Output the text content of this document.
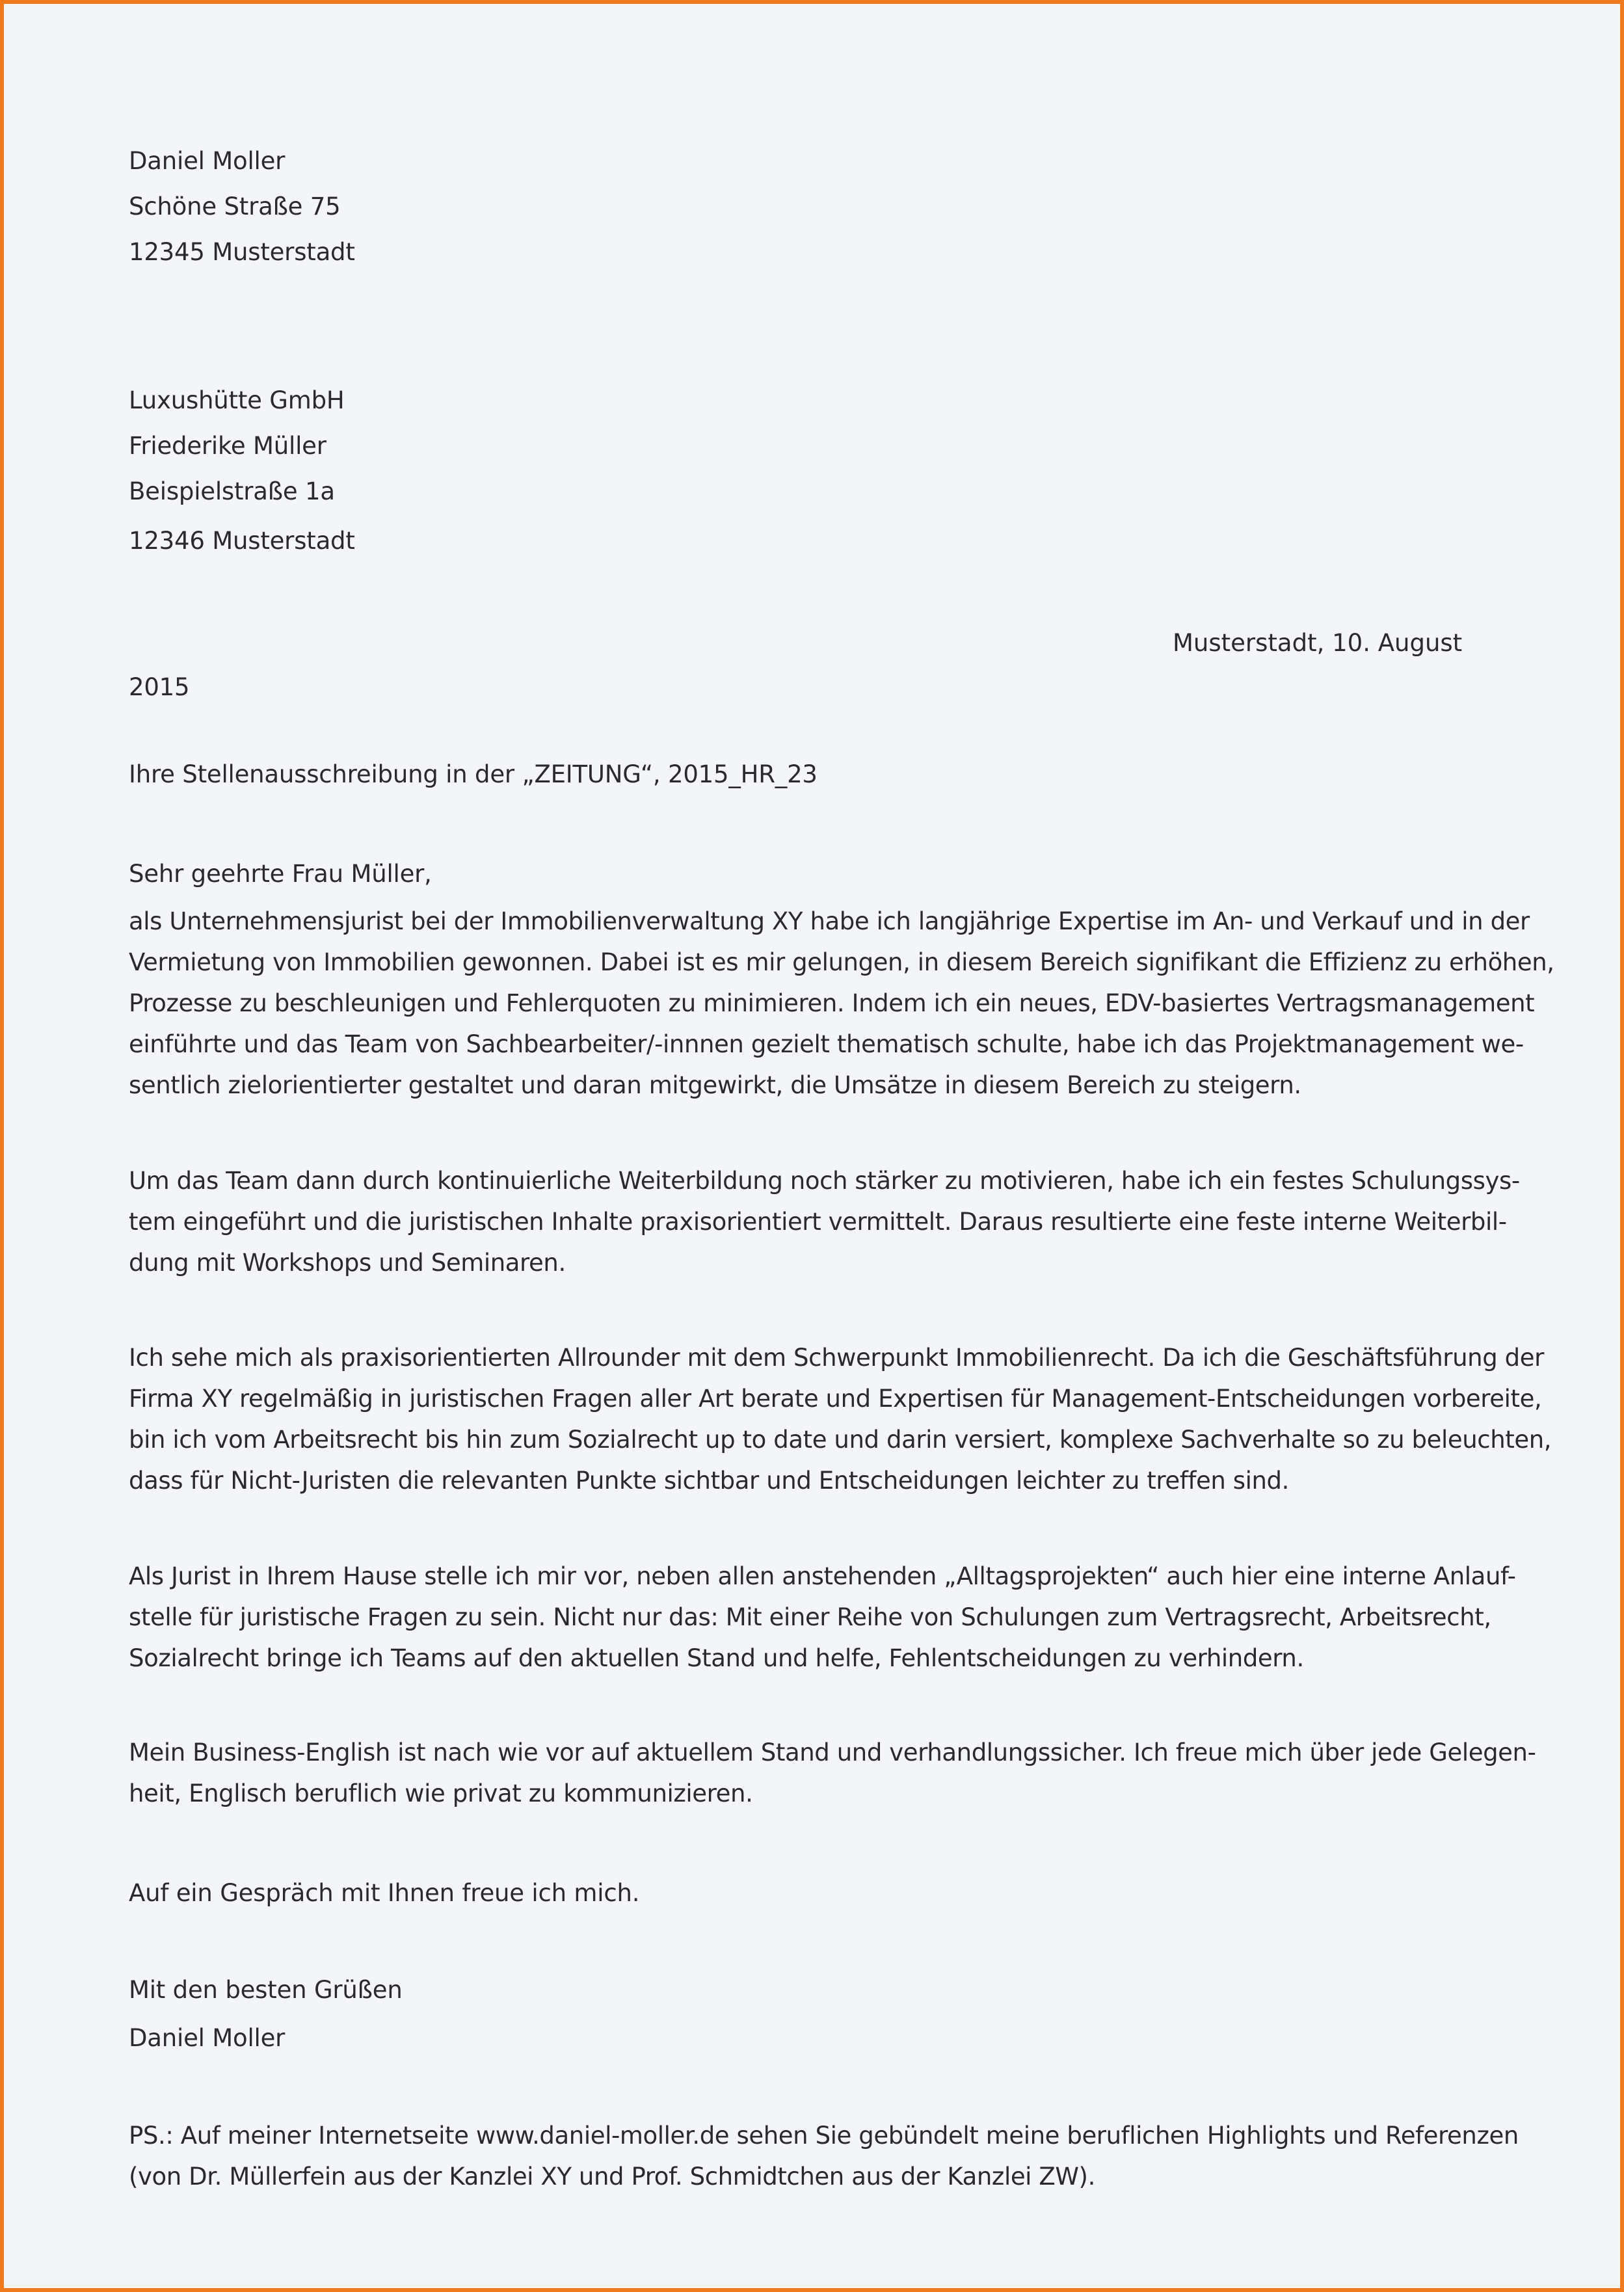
Daniel Moller
Schöne Straße 75
12345 Musterstadt
Luxushütte GmbH
Friederike Müller
Beispielstraße 1a
12346 Musterstadt
Musterstadt, 10. August
2015
Ihre Stellenausschreibung in der „ZEITUNG“, 2015_HR_23
Sehr geehrte Frau Müller,
als Unternehmensjurist bei der Immobilienverwaltung XY habe ich langjährige Expertise im An- und Verkauf und in der
Vermietung von Immobilien gewonnen. Dabei ist es mir gelungen, in diesem Bereich signifikant die Effizienz zu erhöhen,
Prozesse zu beschleunigen und Fehlerquoten zu minimieren. Indem ich ein neues, EDV-basiertes Vertragsmanagement
einführte und das Team von Sachbearbeiter/-innnen gezielt thematisch schulte, habe ich das Projektmanagement we-
sentlich zielorientierter gestaltet und daran mitgewirkt, die Umsätze in diesem Bereich zu steigern.
Um das Team dann durch kontinuierliche Weiterbildung noch stärker zu motivieren, habe ich ein festes Schulungssys-
tem eingeführt und die juristischen Inhalte praxisorientiert vermittelt. Daraus resultierte eine feste interne Weiterbil-
dung mit Workshops und Seminaren.
Ich sehe mich als praxisorientierten Allrounder mit dem Schwerpunkt Immobilienrecht. Da ich die Geschäftsführung der
Firma XY regelmäßig in juristischen Fragen aller Art berate und Expertisen für Management-Entscheidungen vorbereite,
bin ich vom Arbeitsrecht bis hin zum Sozialrecht up to date und darin versiert, komplexe Sachverhalte so zu beleuchten,
dass für Nicht-Juristen die relevanten Punkte sichtbar und Entscheidungen leichter zu treffen sind.
Als Jurist in Ihrem Hause stelle ich mir vor, neben allen anstehenden „Alltagsprojekten“ auch hier eine interne Anlauf-
stelle für juristische Fragen zu sein. Nicht nur das: Mit einer Reihe von Schulungen zum Vertragsrecht, Arbeitsrecht,
Sozialrecht bringe ich Teams auf den aktuellen Stand und helfe, Fehlentscheidungen zu verhindern.
Mein Business-English ist nach wie vor auf aktuellem Stand und verhandlungssicher. Ich freue mich über jede Gelegen-
heit, Englisch beruflich wie privat zu kommunizieren.
Auf ein Gespräch mit Ihnen freue ich mich.
Mit den besten Grüßen
Daniel Moller
PS.: Auf meiner Internetseite www.daniel-moller.de sehen Sie gebündelt meine beruflichen Highlights und Referenzen
(von Dr. Müllerfein aus der Kanzlei XY und Prof. Schmidtchen aus der Kanzlei ZW).
